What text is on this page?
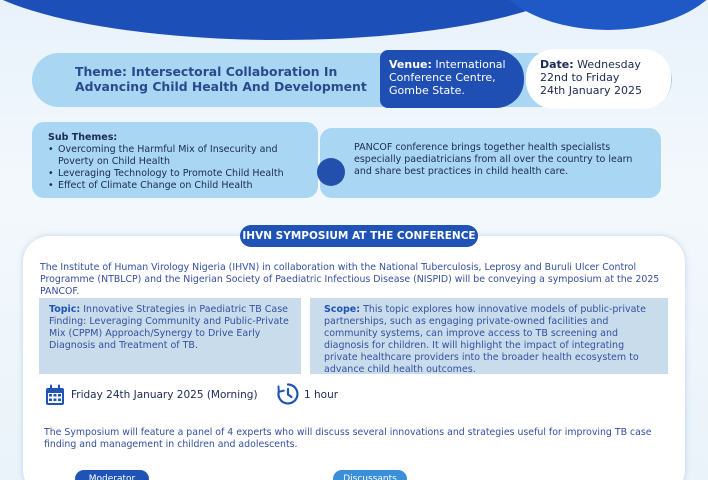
Theme: Intersectoral Collaboration In
Advancing Child Health And Development
Venue: International
Conference Centre,
Gombe State.
Date: Wednesday
22nd to Friday
24th January 2025
Sub Themes:
• Overcoming the Harmful Mix of Insecurity and
Poverty on Child Health
• Leveraging Technology to Promote Child Health
• Effect of Climate Change on Child Health
PANCOF conference brings together health specialists especially paediatricians from all over the country to learn and share best practices in child health care.
IHVN SYMPOSIUM AT THE CONFERENCE
The Institute of Human Virology Nigeria (IHVN) in collaboration with the National Tuberculosis, Leprosy and Buruli Ulcer Control Programme (NTBLCP) and the Nigerian Society of Paediatric Infectious Disease (NISPID) will be conveying a symposium at the 2025 PANCOF.
Topic: Innovative Strategies in Paediatric TB Case Finding: Leveraging Community and Public-Private Mix (CPPM) Approach/Synergy to Drive Early Diagnosis and Treatment of TB.
Scope: This topic explores how innovative models of public-private partnerships, such as engaging private-owned facilities and community systems, can improve access to TB screening and diagnosis for children. It will highlight the impact of integrating private healthcare providers into the broader health ecosystem to advance child health outcomes.
Friday 24th January 2025 (Morning)	1 hour
The Symposium will feature a panel of 4 experts who will discuss several innovations and strategies useful for improving TB case finding and management in children and adolescents.
Moderator	Discussants
